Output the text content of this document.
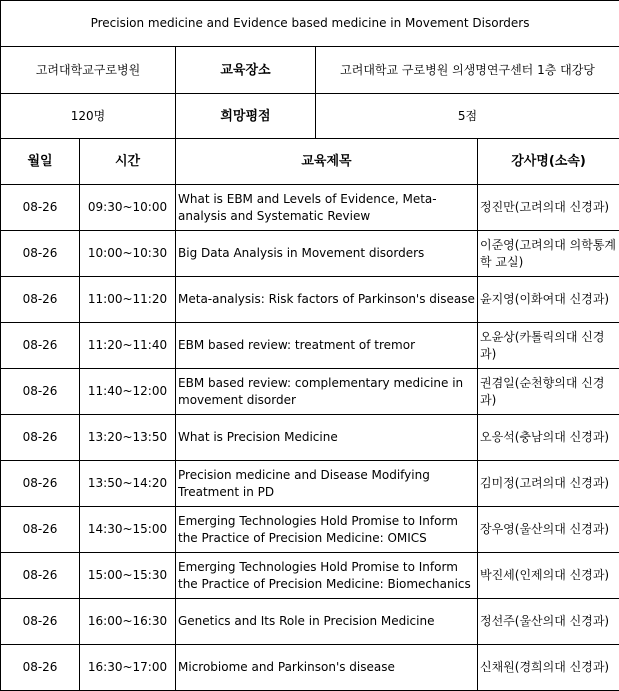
Precision medicine and Evidence based medicine in Movement Disorders				
고려대학교구로병원		교육장소	고려대학교 구로병원 의생명연구센터 1층 대강당	
120명		희망평점	5점	
월일	시간	교육제목		강사명(소속)
08-26	09:30~10:00	What is EBM and Levels of Evidence, Meta-analysis and Systematic Review		정진만(고려의대 신경과)
08-26	10:00~10:30	Big Data Analysis in Movement disorders		이준영(고려의대 의학통계학 교실)
08-26	11:00~11:20	Meta-analysis: Risk factors of Parkinson's disease		윤지영(이화여대 신경과)
08-26	11:20~11:40	EBM based review: treatment of tremor		오윤상(카톨릭의대 신경과)
08-26	11:40~12:00	EBM based review: complementary medicine in movement disorder		권겸일(순천향의대 신경과)
08-26	13:20~13:50	What is Precision Medicine		오응석(충남의대 신경과)
08-26	13:50~14:20	Precision medicine and Disease Modifying Treatment in PD		김미정(고려의대 신경과)
08-26	14:30~15:00	Emerging Technologies Hold Promise to Inform the Practice of Precision Medicine: OMICS		장우영(울산의대 신경과)
08-26	15:00~15:30	Emerging Technologies Hold Promise to Inform the Practice of Precision Medicine: Biomechanics		박진세(인제의대 신경과)
08-26	16:00~16:30	Genetics and Its Role in Precision Medicine		정선주(울산의대 신경과)
08-26	16:30~17:00	Microbiome and Parkinson's disease		신채원(경희의대 신경과)
